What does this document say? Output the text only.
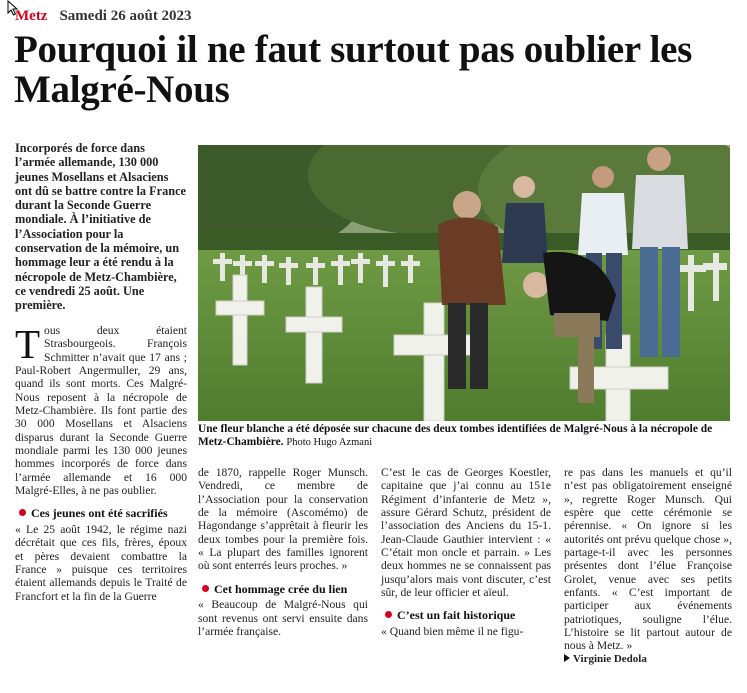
Metz Samedi 26 août 2023
Pourquoi il ne faut surtout pas oublier les Malgré-Nous

Incorporés de force dans l’armée allemande, 130 000 jeunes Mosellans et Alsaciens ont dû se battre contre la France durant la Seconde Guerre mondiale. À l’initiative de l’Association pour la conservation de la mémoire, un hommage leur a été rendu à la nécropole de Metz-Chambière, ce vendredi 25 août. Une première.

Une fleur blanche a été déposée sur chacune des deux tombes identifiées de Malgré-Nous à la nécropole de Metz-Chambière. Photo Hugo Azmani

Tous deux étaient Strasbourgeois. François Schmitter n’avait que 17 ans ; Paul-Robert Angermuller, 29 ans, quand ils sont morts. Ces Malgré-Nous reposent à la nécropole de Metz-Chambière. Ils font partie des 30 000 Mosellans et Alsaciens disparus durant la Seconde Guerre mondiale parmi les 130 000 jeunes hommes incorporés de force dans l’armée allemande et 16 000 Malgré-Elles, à ne pas oublier.

Ces jeunes ont été sacrifiés

« Le 25 août 1942, le régime nazi décrétait que ces fils, frères, époux et pères devaient combattre la France » puisque ces territoires étaient allemands depuis le Traité de Francfort et la fin de la Guerre

de 1870, rappelle Roger Munsch. Vendredi, ce membre de l’Association pour la conservation de la mémoire (Ascomémo) de Hagondange s’apprêtait à fleurir les deux tombes pour la première fois. « La plupart des familles ignorent où sont enterrés leurs proches. »

Cet hommage crée du lien

« Beaucoup de Malgré-Nous qui sont revenus ont servi ensuite dans l’armée française.

C’est le cas de Georges Koestler, capitaine que j’ai connu au 151e Régiment d’infanterie de Metz », assure Gérard Schutz, président de l’association des Anciens du 15-1. Jean-Claude Gauthier intervient : « C’était mon oncle et parrain. » Les deux hommes ne se connaissent pas jusqu’alors mais vont discuter, c’est sûr, de leur officier et aïeul.

C’est un fait historique

« Quand bien même il ne figu-

re pas dans les manuels et qu’il n’est pas obligatoirement enseigné », regrette Roger Munsch. Qui espère que cette cérémonie se pérennise. « On ignore si les autorités ont prévu quelque chose », partage-t-il avec les personnes présentes dont l’élue Françoise Grolet, venue avec ses petits enfants. « C’est important de participer aux événements patriotiques, souligne l’élue. L’histoire se lit partout autour de nous à Metz. »

Virginie Dedola
